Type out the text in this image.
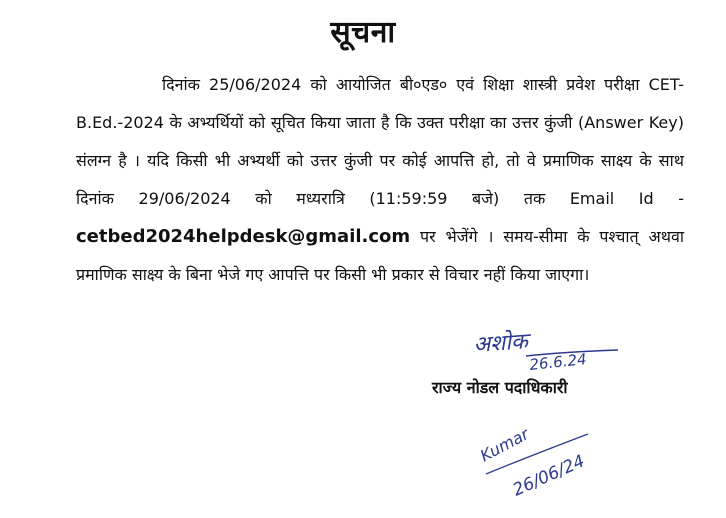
सूचना

दिनांक 25/06/2024 को आयोजित बी०एड० एवं शिक्षा शास्त्री प्रवेश परीक्षा CET-B.Ed.-2024 के अभ्यर्थियों को सूचित किया जाता है कि उक्त परीक्षा का उत्तर कुंजी (Answer Key) संलग्न है । यदि किसी भी अभ्यर्थी को उत्तर कुंजी पर कोई आपत्ति हो, तो वे प्रमाणिक साक्ष्य के साथ दिनांक 29/06/2024 को मध्यरात्रि (11:59:59 बजे) तक Email Id - cetbed2024helpdesk@gmail.com पर भेजेंगे । समय-सीमा के पश्चात् अथवा प्रमाणिक साक्ष्य के बिना भेजे गए आपत्ति पर किसी भी प्रकार से विचार नहीं किया जाएगा।

अशोक
26.6.24
राज्य नोडल पदाधिकारी
Kumar
26/06/24
